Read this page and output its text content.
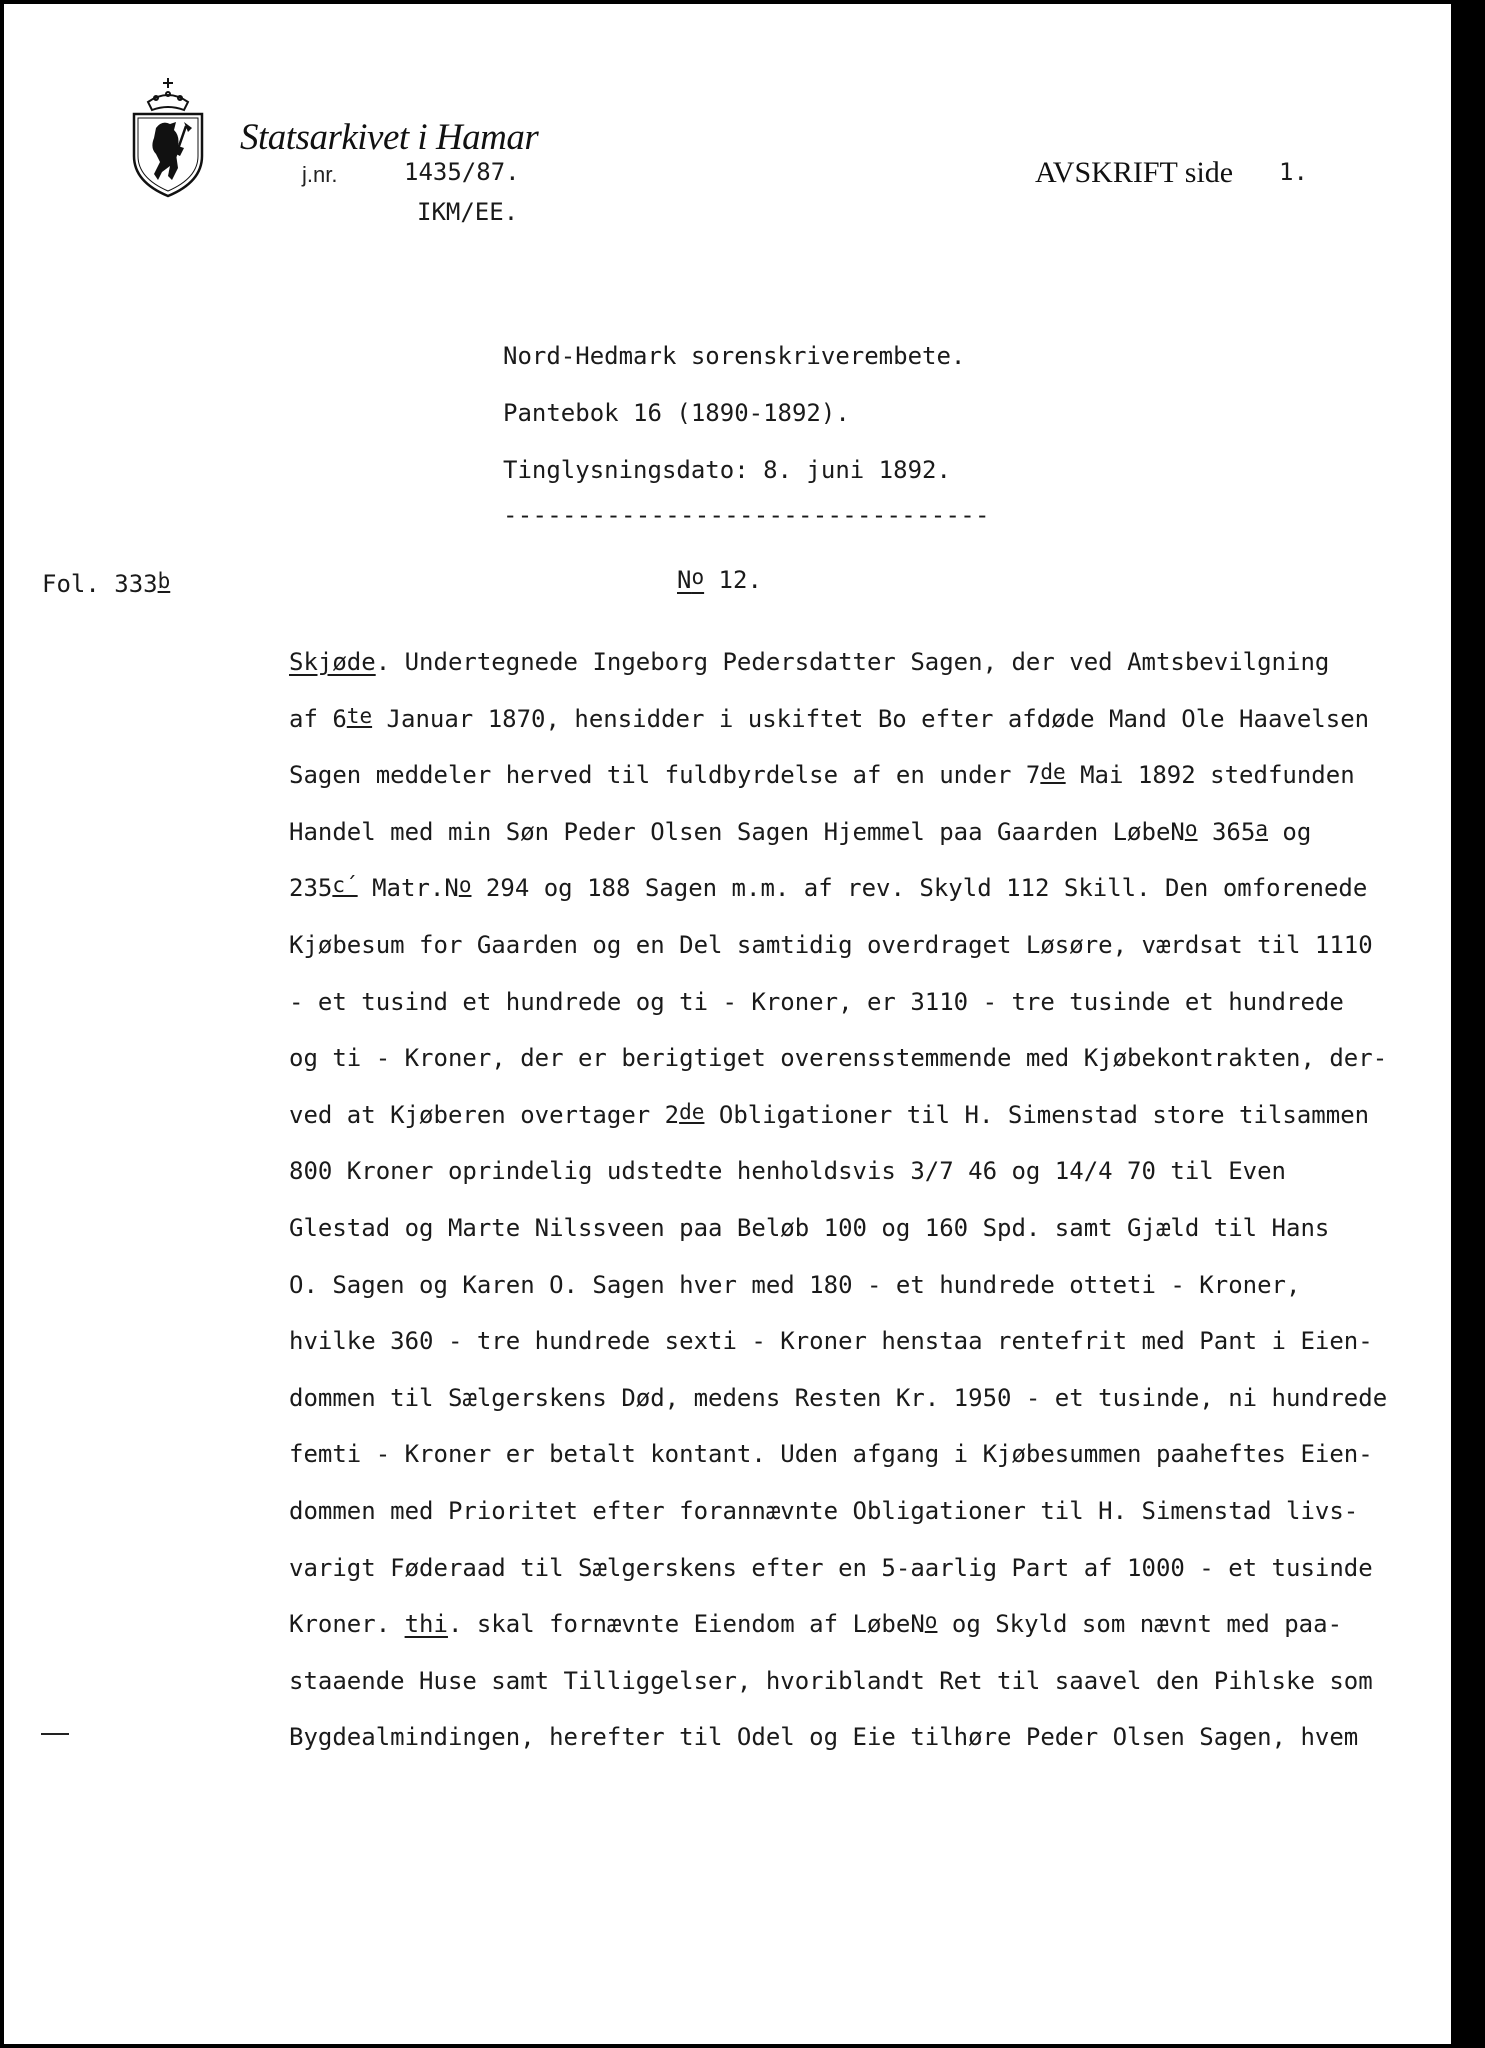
Statsarkivet i Hamar
j.nr.	1435/87.
IKM/EE.
AVSKRIFT side 1.
Nord-Hedmark sorenskriverembete.
Pantebok 16 (1890-1892).
Tinglysningsdato: 8. juni 1892.
---------------------------------
Fol. 333$^b$	$N^o$ 12.
Skjøde. Undertegnede Ingeborg Pedersdatter Sagen, der ved Amtsbevilgning
af $6^{te}$ Januar 1870, hensidder i uskiftet Bo efter afdøde Mand Ole Haavelsen
Sagen meddeler herved til fuldbyrdelse af en under 7de Mai 1892 stedfunden
Handel med min Søn Peder Olsen Sagen Hjemmel paa Gaarden LøbeN$^o$ 365$^a$ og
$235^{c´}$ $Matr.N^o$ 294 og 188 Sagen m.m. af rev. Skyld 112 Skill. Den omforenede
Kjøbesum for Gaarden og en Del samtidig overdraget Løsøre, værdsat til 1110
- et tusind et hundrede og ti - Kroner, er 3110 - tre tusinde et hundrede
og ti - Kroner, der er berigtiget overensstemmende med Kjøbekontrakten, der-
ved at Kjøberen overtager 2de Obligationer til H. Simenstad store tilsammen
800 Kroner oprindelig udstedte henholdsvis 3/7 46 og 14/4 70 til Even
Glestad og Marte Nilssveen paa Beløb 100 og 160 Spd. samt Gjæld til Hans
O. Sagen og Karen O. Sagen hver med 180 - et hundrede otteti - Kroner,
hvilke 360 - tre hundrede sexti - Kroner henstaa rentefrit med Pant i Eien-
dommen til Sælgerskens Død, medens Resten Kr. 1950 - et tusinde, ni hundrede
femti - Kroner er betalt kontant. Uden afgang i Kjøbesummen paaheftes Eien-
dommen med Prioritet efter forannævnte Obligationer til H. Simenstad livs-
varigt Føderaad til Sælgerskens efter en 5-aarlig Part af 1000 - et tusinde
Kroner. thi. skal fornævnte Eiendom af LøbeN$^o$ og Skyld som nævnt med paa-
staaende Huse samt Tilliggelser, hvoriblandt Ret til saavel den Pihlske som
Bygdealmindingen, herefter til Odel og Eie tilhøre Peder Olsen Sagen, hvem
